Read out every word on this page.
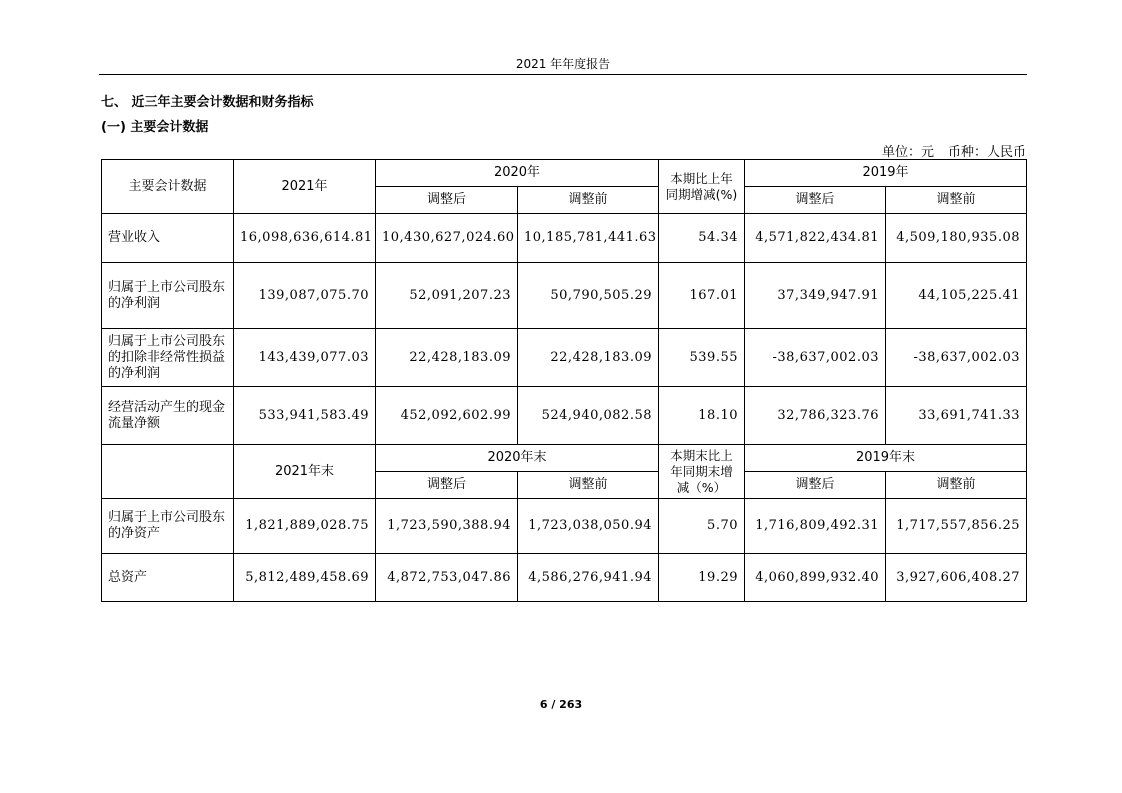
2021 年年度报告
七、 近三年主要会计数据和财务指标
(一) 主要会计数据
单位：元 币种：人民币
主要会计数据	2021年	2020年		本期比上年同期增减(%)	2019年	
		调整后	调整前		调整后	调整前
营业收入	16,098,636,614.81	10,430,627,024.60	10,185,781,441.63	54.34	4,571,822,434.81	4,509,180,935.08
归属于上市公司股东的净利润	139,087,075.70	52,091,207.23	50,790,505.29	167.01	37,349,947.91	44,105,225.41
归属于上市公司股东的扣除非经常性损益的净利润	143,439,077.03	22,428,183.09	22,428,183.09	539.55	-38,637,002.03	-38,637,002.03
经营活动产生的现金流量净额	533,941,583.49	452,092,602.99	524,940,082.58	18.10	32,786,323.76	33,691,741.33
	2021年末	2020年末		本期末比上年同期末增减（%）	2019年末	
		调整后	调整前		调整后	调整前
归属于上市公司股东的净资产	1,821,889,028.75	1,723,590,388.94	1,723,038,050.94	5.70	1,716,809,492.31	1,717,557,856.25
总资产	5,812,489,458.69	4,872,753,047.86	4,586,276,941.94	19.29	4,060,899,932.40	3,927,606,408.27
6 / 263
